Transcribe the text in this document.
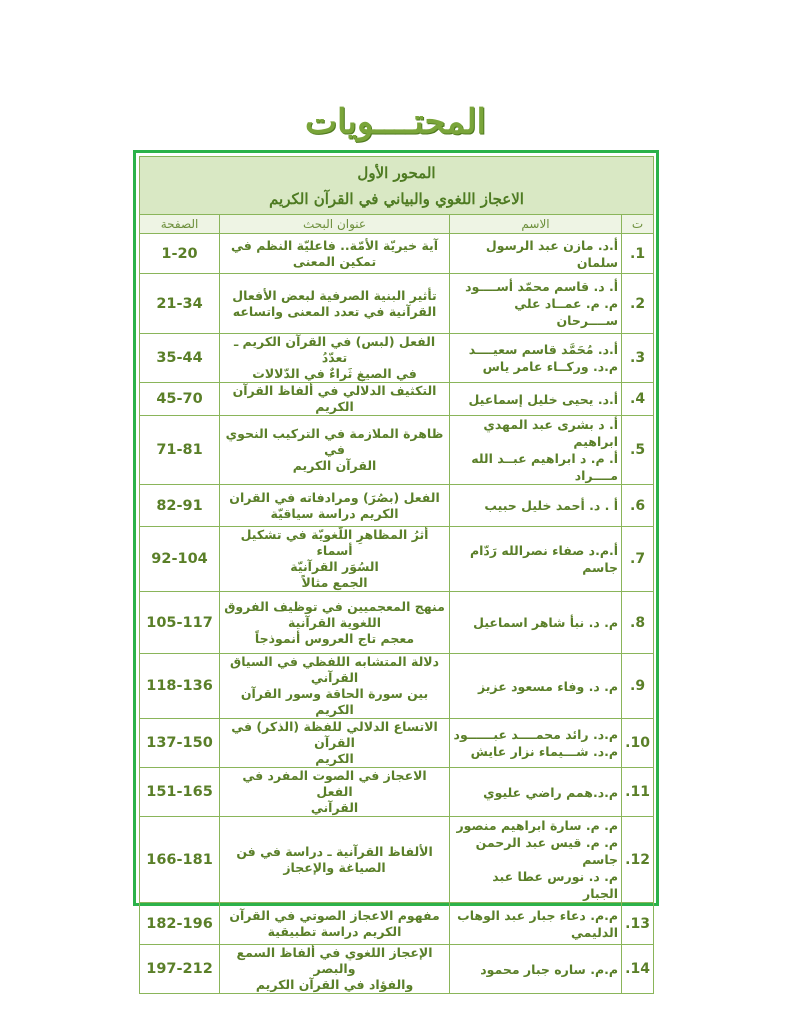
المحتــــويات
المحور الأول
الاعجاز اللغوي والبياني في القرآن الكريم			

ت	الاسم	عنوان البحث	الصفحة
1.	أ.د. مازن عبد الرسول سلمان	آية خيريّة الأمّة.. فاعليّة النظم في
تمكين المعنى	1-20
2.	أ. د. قاسم محمّد أســــود
م. م. عمــاد علي
ســــرحان	تأثير البنية الصرفية لبعض الأفعال
القرآنية في تعدد المعنى واتساعه	21-34
3.	أ.د. مُحَمَّد قاسم سعيــــد
م.د. وركــاء عامر ياس	الفعل (لبس) في القرآن الكريم ـ تعدّدُ
في الصيغِ ثَراءٌ في الدّلالات	35-44
4.	أ.د. يحيى خليل إسماعيل	التكثيف الدلالي في ألفاظ القرآن الكريم	45-70
5.	أ. د بشرى عبد المهدي ابراهيم
أ. م. د ابراهيم عبــد الله
مــــراد	ظاهرة الملازمة في التركيب النحوي في
القرآن الكريم	71-81
6.	أ . د. أحمد خليل حبيب	الفعل (بصُرَ) ومرادفاته في القران
الكريم دراسة سياقيّة	82-91
7.	أ.م.د صفاء نصرالله رَدّام جاسم	أثرُ المظاهرِ اللُّغويّة في تشكيل أسماء
السُوَر القرآنيّة
الجمع مثالاً	92-104
8.	م. د. نبأ شاهر اسماعيل	منهج المعجميين في توظيف الفروق
اللغوية القرآنية
معجم تاج العروس أنموذجاً	105-117
9.	م. د. وفاء مسعود عزيز	دلالة المتشابه اللفظي في السياق
القرآني
بين سورة الحاقة وسور القرآن الكريم	118-136
10.	م.د. رائد محمــــد عبــــــود
م.د. شـــيماء نزار عايش	الاتساع الدلالي للفظة (الذكر) في القرآن
الكريم	137-150
11.	م.د.همم راضي عليوي	الاعجاز في الصوت المفرد في الفعل
القرآني	151-165
12.	م. م. سارة ابراهيم منصور
م. م. قيس عبد الرحمن جاسم
م. د. نورس عطا عبد الجبار	الألفاظ القرآنية ـ دراسة في فن
الصياغة والإعجاز	166-181
13.	م.م. دعاء جبار عبد الوهاب
الدليمي	مفهوم الاعجاز الصوتي في القرآن
الكريم دراسة تطبيقية	182-196
14.	م.م. ساره جبار محمود	الإعجاز اللغوي في ألفاظ السمع والبصر
والفؤاد في القرآن الكريم	197-212
